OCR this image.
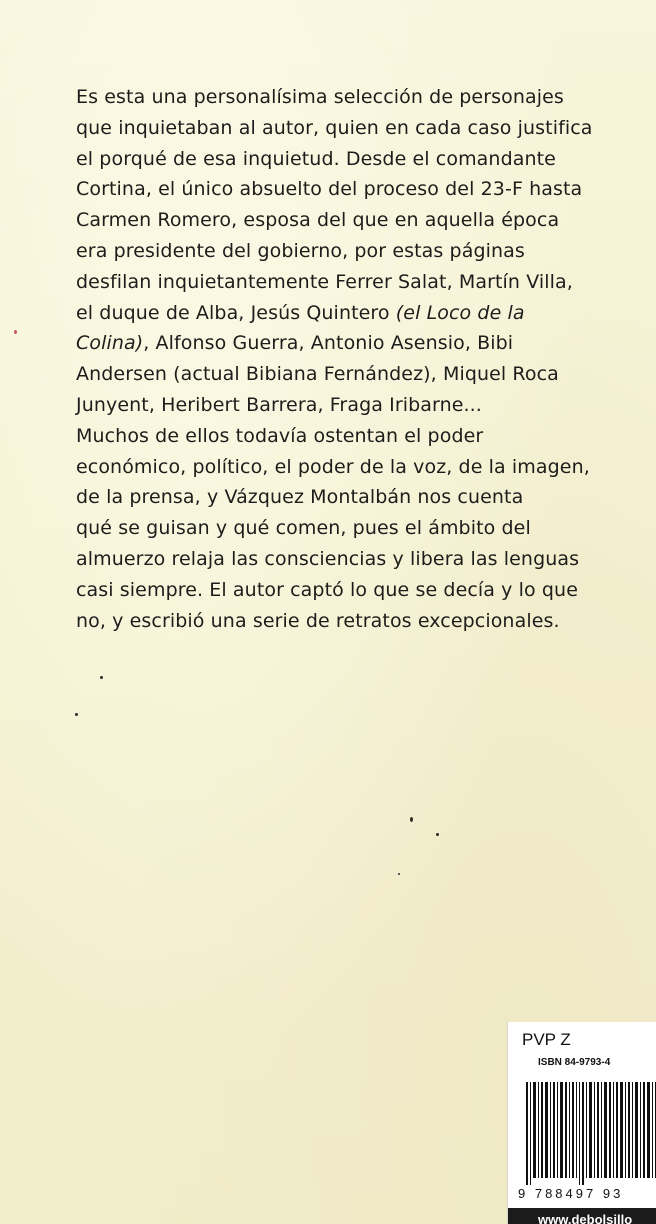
Es esta una personalísima selección de personajes
que inquietaban al autor, quien en cada caso justifica
el porqué de esa inquietud. Desde el comandante
Cortina, el único absuelto del proceso del 23-F hasta
Carmen Romero, esposa del que en aquella época
era presidente del gobierno, por estas páginas
desfilan inquietantemente Ferrer Salat, Martín Villa,
el duque de Alba, Jesús Quintero (el Loco de la
Colina), Alfonso Guerra, Antonio Asensio, Bibi
Andersen (actual Bibiana Fernández), Miquel Roca
Junyent, Heribert Barrera, Fraga Iribarne...
Muchos de ellos todavía ostentan el poder
económico, político, el poder de la voz, de la imagen,
de la prensa, y Vázquez Montalbán nos cuenta
qué se guisan y qué comen, pues el ámbito del
almuerzo relaja las consciencias y libera las lenguas
casi siempre. El autor captó lo que se decía y lo que
no, y escribió una serie de retratos excepcionales.
PVP Z
ISBN 84-9793-4
9 788497 93
www.debolsillo
